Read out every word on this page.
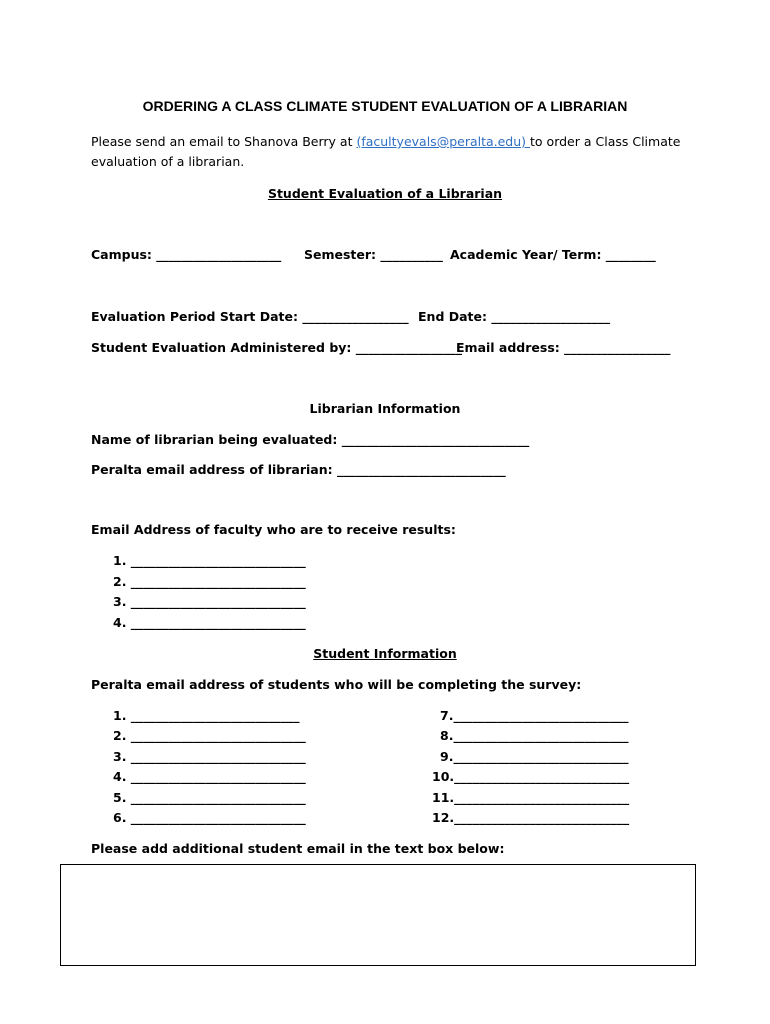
ORDERING A CLASS CLIMATE STUDENT EVALUATION OF A LIBRARIAN
Please send an email to Shanova Berry at (facultyevals@peralta.edu) to order a Class Climate
evaluation of a librarian.
Student Evaluation of a Librarian
Campus: ____________________ Semester: __________ Academic Year/ Term: ________
Evaluation Period Start Date: _________________ End Date: ___________________
Student Evaluation Administered by: _________________
Email address: _________________
Librarian Information
Name of librarian being evaluated: ______________________________
Peralta email address of librarian: ___________________________
Email Address of faculty who are to receive results:
1. ____________________________
2. ____________________________
3. ____________________________
4. ____________________________
Student Information
Peralta email address of students who will be completing the survey:
1. ___________________________
2. ____________________________
3. ____________________________
4. ____________________________
5. ____________________________
6. ____________________________
7.____________________________
8.____________________________
9.____________________________
10.____________________________
11.____________________________
12.____________________________
Please add additional student email in the text box below:
